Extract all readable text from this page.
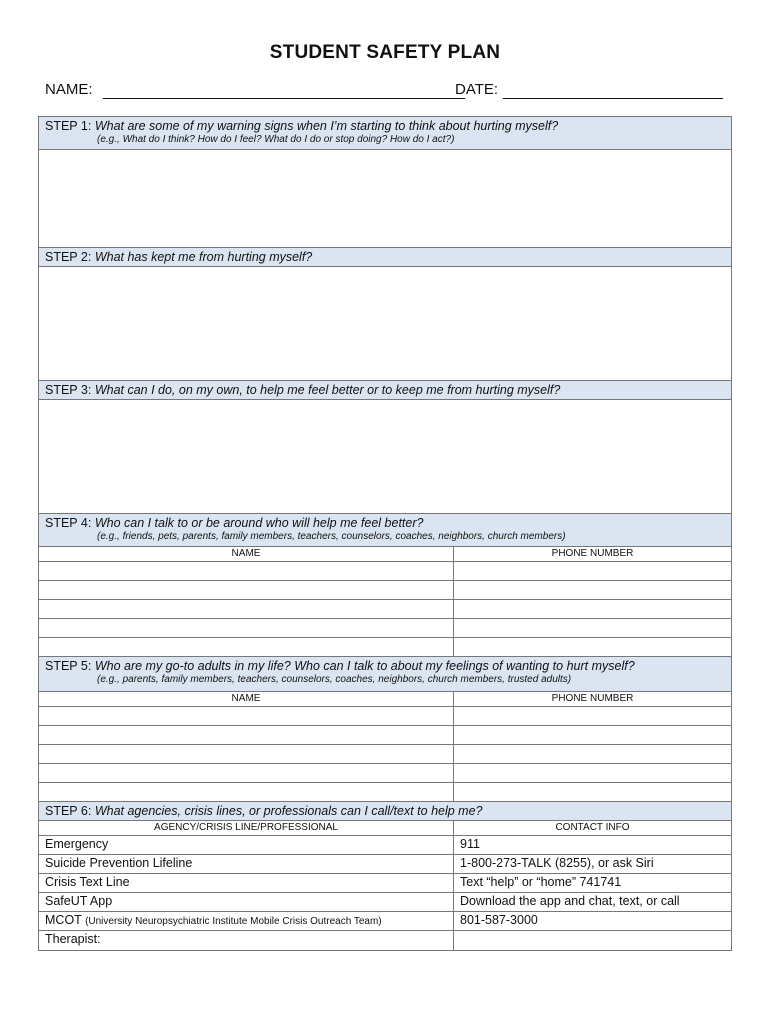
STUDENT SAFETY PLAN
NAME:	DATE:
STEP 1: What are some of my warning signs when I’m starting to think about hurting myself?
(e.g., What do I think? How do I feel? What do I do or stop doing? How do I act?)
STEP 2: What has kept me from hurting myself?
STEP 3: What can I do, on my own, to help me feel better or to keep me from hurting myself?
STEP 4: Who can I talk to or be around who will help me feel better?
(e.g., friends, pets, parents, family members, teachers, counselors, coaches, neighbors, church members)
NAME	PHONE NUMBER
STEP 5: Who are my go-to adults in my life? Who can I talk to about my feelings of wanting to hurt myself?
(e.g., parents, family members, teachers, counselors, coaches, neighbors, church members, trusted adults)
NAME	PHONE NUMBER
STEP 6: What agencies, crisis lines, or professionals can I call/text to help me?
AGENCY/CRISIS LINE/PROFESSIONAL	CONTACT INFO
Emergency	911
Suicide Prevention Lifeline	1-800-273-TALK (8255), or ask Siri
Crisis Text Line	Text “help” or “home” 741741
SafeUT App	Download the app and chat, text, or call
MCOT (University Neuropsychiatric Institute Mobile Crisis Outreach Team)	801-587-3000
Therapist:
